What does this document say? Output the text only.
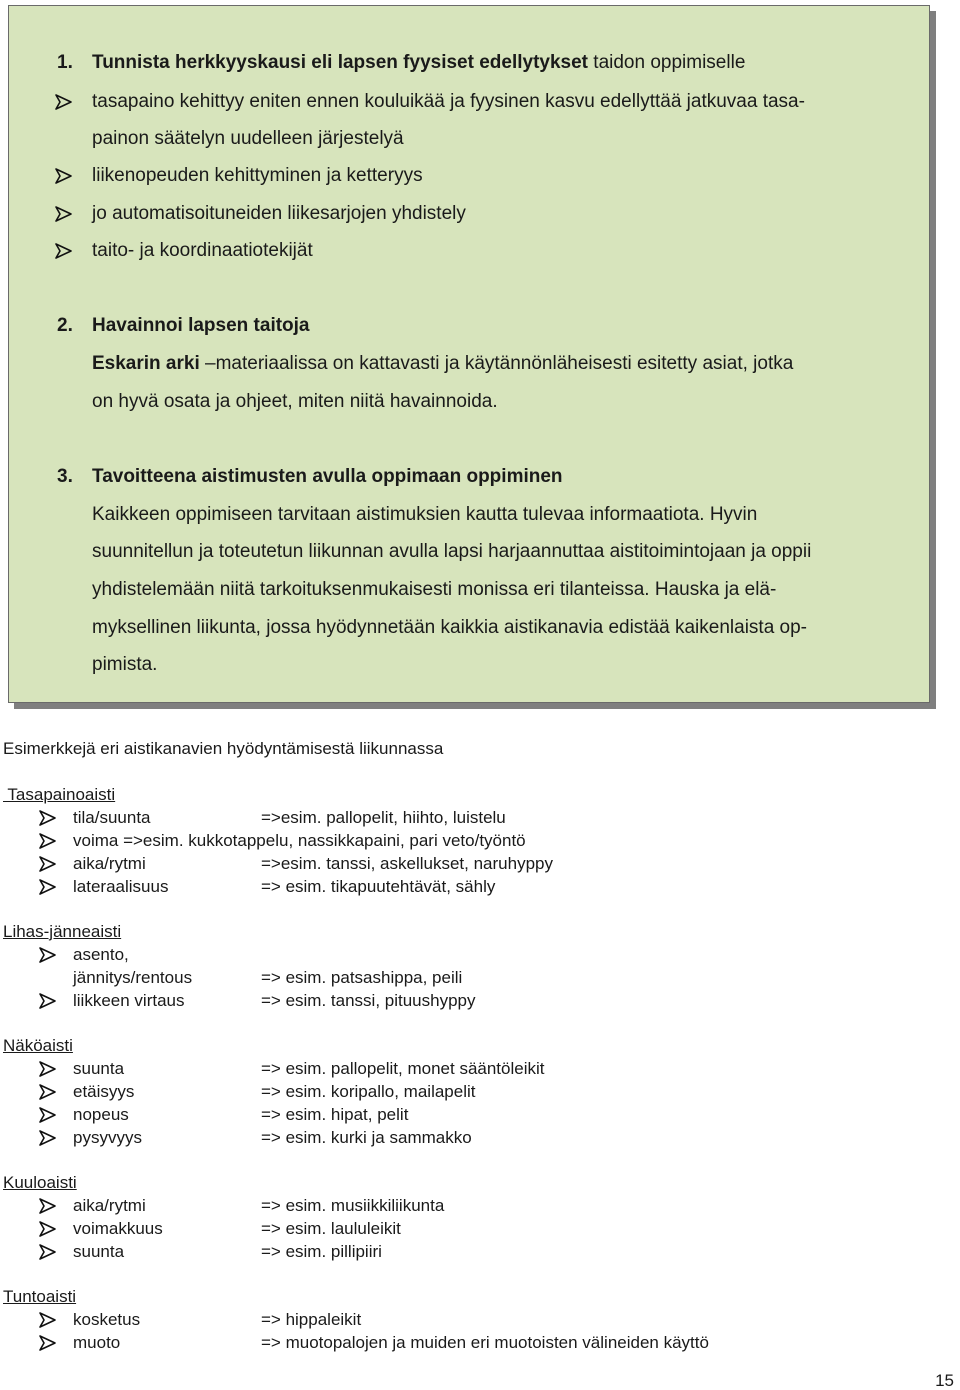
1. Tunnista herkkyyskausi eli lapsen fyysiset edellytykset taidon oppimiselle
tasapaino kehittyy eniten ennen kouluikää ja fyysinen kasvu edellyttää jatkuvaa tasa-
painon säätelyn uudelleen järjestelyä
liikenopeuden kehittyminen ja ketteryys
jo automatisoituneiden liikesarjojen yhdistely
taito- ja koordinaatiotekijät
2. Havainnoi lapsen taitoja
Eskarin arki –materiaalissa on kattavasti ja käytännönläheisesti esitetty asiat, jotka
on hyvä osata ja ohjeet, miten niitä havainnoida.
3. Tavoitteena aistimusten avulla oppimaan oppiminen
Kaikkeen oppimiseen tarvitaan aistimuksien kautta tulevaa informaatiota. Hyvin
suunnitellun ja toteutetun liikunnan avulla lapsi harjaannuttaa aistitoimintojaan ja oppii
yhdistelemään niitä tarkoituksenmukaisesti monissa eri tilanteissa. Hauska ja elä-
myksellinen liikunta, jossa hyödynnetään kaikkia aistikanavia edistää kaikenlaista op-
pimista.
Esimerkkejä eri aistikanavien hyödyntämisestä liikunnassa
Tasapainoaisti
tila/suunta	=>esim. pallopelit, hiihto, luistelu
voima =>esim. kukkotappelu, nassikkapaini, pari veto/työntö
aika/rytmi	=>esim. tanssi, askellukset, naruhyppy
lateraalisuus	=> esim. tikapuutehtävät, sähly
Lihas-jänneaisti
asento,
jännitys/rentous	=> esim. patsashippa, peili
liikkeen virtaus	=> esim. tanssi, pituushyppy
Näköaisti
suunta	=> esim. pallopelit, monet sääntöleikit
etäisyys	=> esim. koripallo, mailapelit
nopeus	=> esim. hipat, pelit
pysyvyys	=> esim. kurki ja sammakko
Kuuloaisti
aika/rytmi	=> esim. musiikkiliikunta
voimakkuus	=> esim. laululeikit
suunta	=> esim. pillipiiri
Tuntoaisti
kosketus	=> hippaleikit
muoto	=> muotopalojen ja muiden eri muotoisten välineiden käyttö
15
